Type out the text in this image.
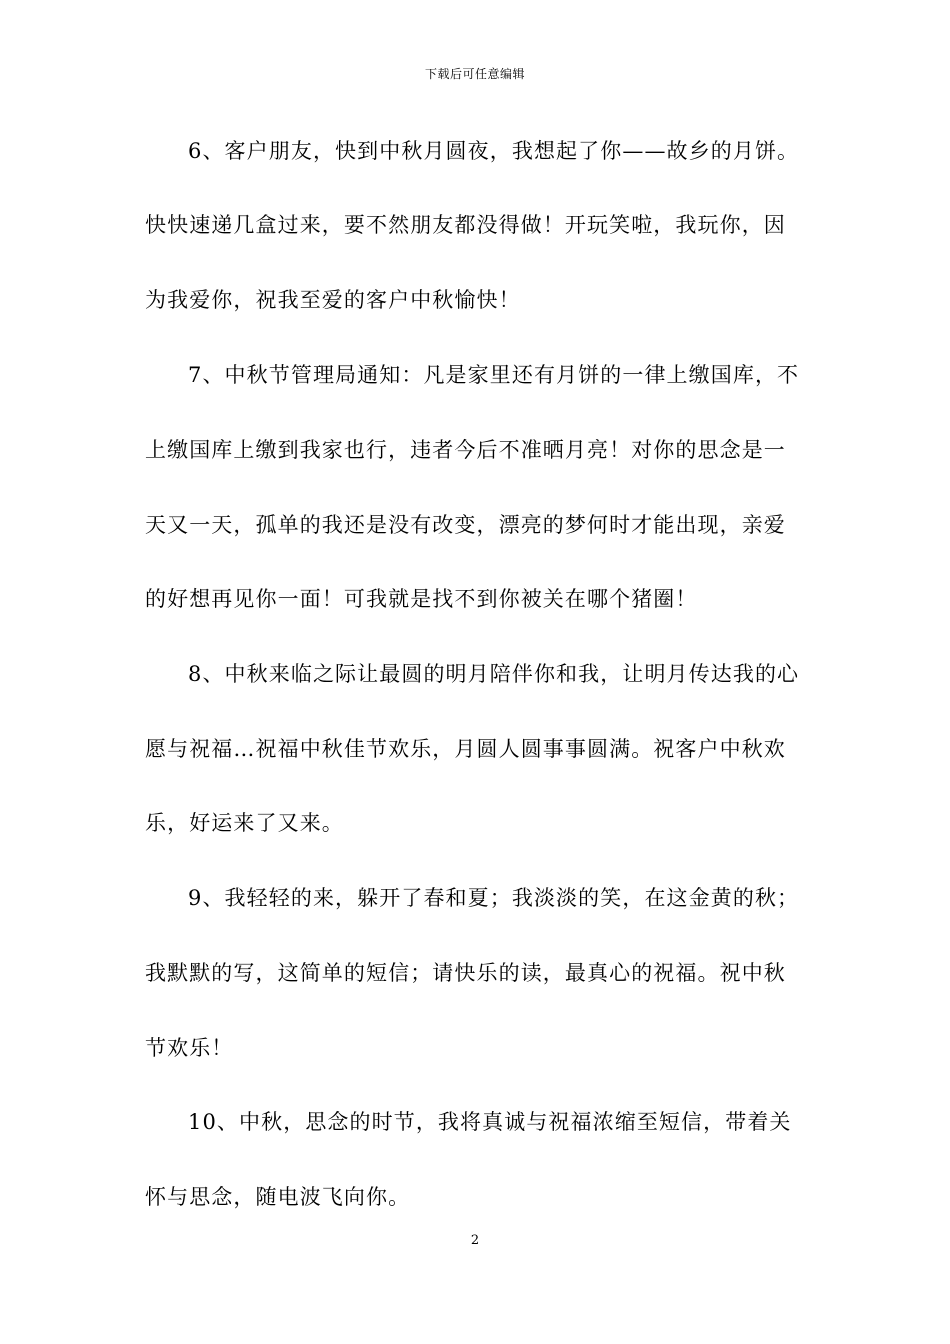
下载后可任意编辑
6、客户朋友，快到中秋月圆夜，我想起了你——故乡的月饼。
快快速递几盒过来，要不然朋友都没得做！开玩笑啦，我玩你，因
为我爱你，祝我至爱的客户中秋愉快！
7、中秋节管理局通知：凡是家里还有月饼的一律上缴国库，不
上缴国库上缴到我家也行，违者今后不准晒月亮！对你的思念是一
天又一天，孤单的我还是没有改变，漂亮的梦何时才能出现，亲爱
的好想再见你一面！可我就是找不到你被关在哪个猪圈！
8、中秋来临之际让最圆的明月陪伴你和我，让明月传达我的心
愿与祝福…祝福中秋佳节欢乐，月圆人圆事事圆满。祝客户中秋欢
乐，好运来了又来。
9、我轻轻的来，躲开了春和夏；我淡淡的笑，在这金黄的秋；
我默默的写，这简单的短信；请快乐的读，最真心的祝福。祝中秋
节欢乐！
10、中秋，思念的时节，我将真诚与祝福浓缩至短信，带着关
怀与思念，随电波飞向你。
2
